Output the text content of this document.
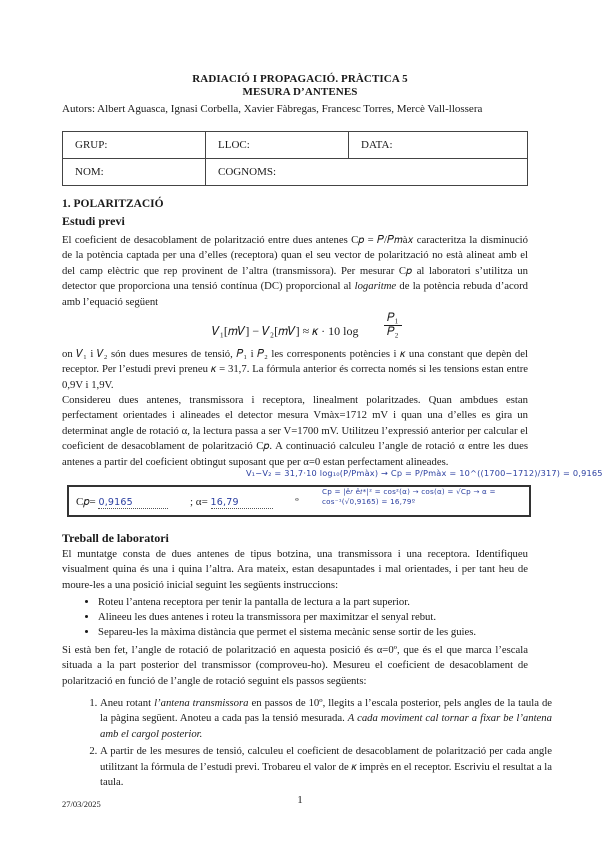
RADIACIÓ I PROPAGACIÓ. PRÀCTICA 5
MESURA D’ANTENES
Autors: Albert Aguasca, Ignasi Corbella, Xavier Fàbregas, Francesc Torres, Mercè Vall-llossera
GRUP:	LLOC:	DATA:
NOM:	COGNOMS:	
1. POLARITZACIÓ
Estudi previ
El coeficient de desacoblament de polarització entre dues antenes C𝑝 = 𝑃/𝑃𝑚à𝑥 caracteritza la disminució de la potència captada per una d’elles (receptora) quan el seu vector de polarització no està alineat amb el del camp elèctric que rep provinent de l’altra (transmissora). Per mesurar C𝑝 al laboratori s’utilitza un detector que proporciona una tensió contínua (DC) proporcional al logaritme de la potència rebuda d’acord amb l’equació següent
𝑉₁[𝑚𝑉] − 𝑉₂[𝑚𝑉] ≈ 𝜅 · 10 log
𝑃₁
𝑃₂
on 𝑉₁ i 𝑉₂ són dues mesures de tensió, 𝑃₁ i 𝑃₂ les corresponents potències i 𝜅 una constant que depèn del receptor. Per l’estudi previ preneu 𝜅 = 31,7. La fórmula anterior és correcta només si les tensions estan entre 0,9V i 1,9V.
Considereu dues antenes, transmissora i receptora, linealment polaritzades. Quan ambdues estan perfectament orientades i alineades el detector mesura Vmàx=1712 mV i quan una d’elles es gira un determinat angle de rotació α, la lectura passa a ser V=1700 mV. Utilitzeu l’expressió anterior per calcular el coeficient de desacoblament de polarització C𝑝. A continuació calculeu l’angle de rotació α entre les dues antenes a partir del coeficient obtingut suposant que per α=0 estan perfectament alineades.
V₁−V₂ = 31,7·10 log₁₀(P/Pmàx) → Cp = P/Pmàx = 10^((1700−1712)/317) = 0,9165
C𝑝= 0,9165	; α= 16,79	º
Cp = |ê𝑟 ê𝑡*|² = cos²(α) → cos(α) = √Cp → α = cos⁻¹(√0,9165) = 16,79º
Treball de laboratori
El muntatge consta de dues antenes de tipus botzina, una transmissora i una receptora. Identifiqueu visualment quina és una i quina l’altra. Ara mateix, estan desapuntades i mal orientades, i per tant heu de moure-les a una posició inicial seguint les següents instruccions:
• Roteu l’antena receptora per tenir la pantalla de lectura a la part superior.
• Alineeu les dues antenes i roteu la transmissora per maximitzar el senyal rebut.
• Separeu-les la màxima distància que permet el sistema mecànic sense sortir de les guies.
Si està ben fet, l’angle de rotació de polarització en aquesta posició és α=0º, que és el que marca l’escala situada a la part posterior del transmissor (comproveu-ho). Mesureu el coeficient de desacoblament de polarització en funció de l’angle de rotació seguint els passos següents:
1. Aneu rotant l’antena transmissora en passos de 10º, llegits a l’escala posterior, pels angles de la taula de la pàgina següent. Anoteu a cada pas la tensió mesurada. A cada moviment cal tornar a fixar be l’antena amb el cargol posterior.
2. A partir de les mesures de tensió, calculeu el coeficient de desacoblament de polarització per cada angle utilitzant la fórmula de l’estudi previ. Trobareu el valor de 𝜅 imprès en el receptor. Escriviu el resultat a la taula.
27/03/2025	1
